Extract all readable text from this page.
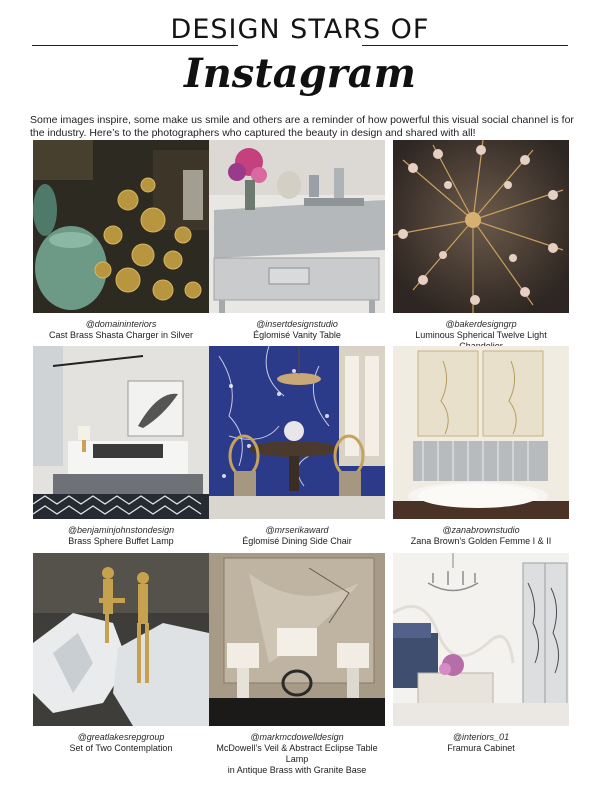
DESIGN STARS OF
Instagram
Some images inspire, some make us smile and others are a reminder of how powerful this visual social channel is for the industry. Here’s to the photographers who captured the beauty in design and shared with all!
@domaininteriors
Cast Brass Shasta Charger in Silver
@insertdesignstudio
Églomisé Vanity Table
@bakerdesigngrp
Luminous Spherical Twelve Light
@benjaminjohnstondesign
Brass Sphere Buffet Lamp
@mrserikaward
Églomisé Dining Side Chair
@zanabrownstudio
Zana Brown’s Golden Femme I & II
@greatlakesrepgroup
Set of Two Contemplation
@markmcdowelldesign
McDowell’s Veil & Abstract Eclipse Table Lamp
in Antique Brass with Granite Base
@interiors_01
Framura Cabinet
